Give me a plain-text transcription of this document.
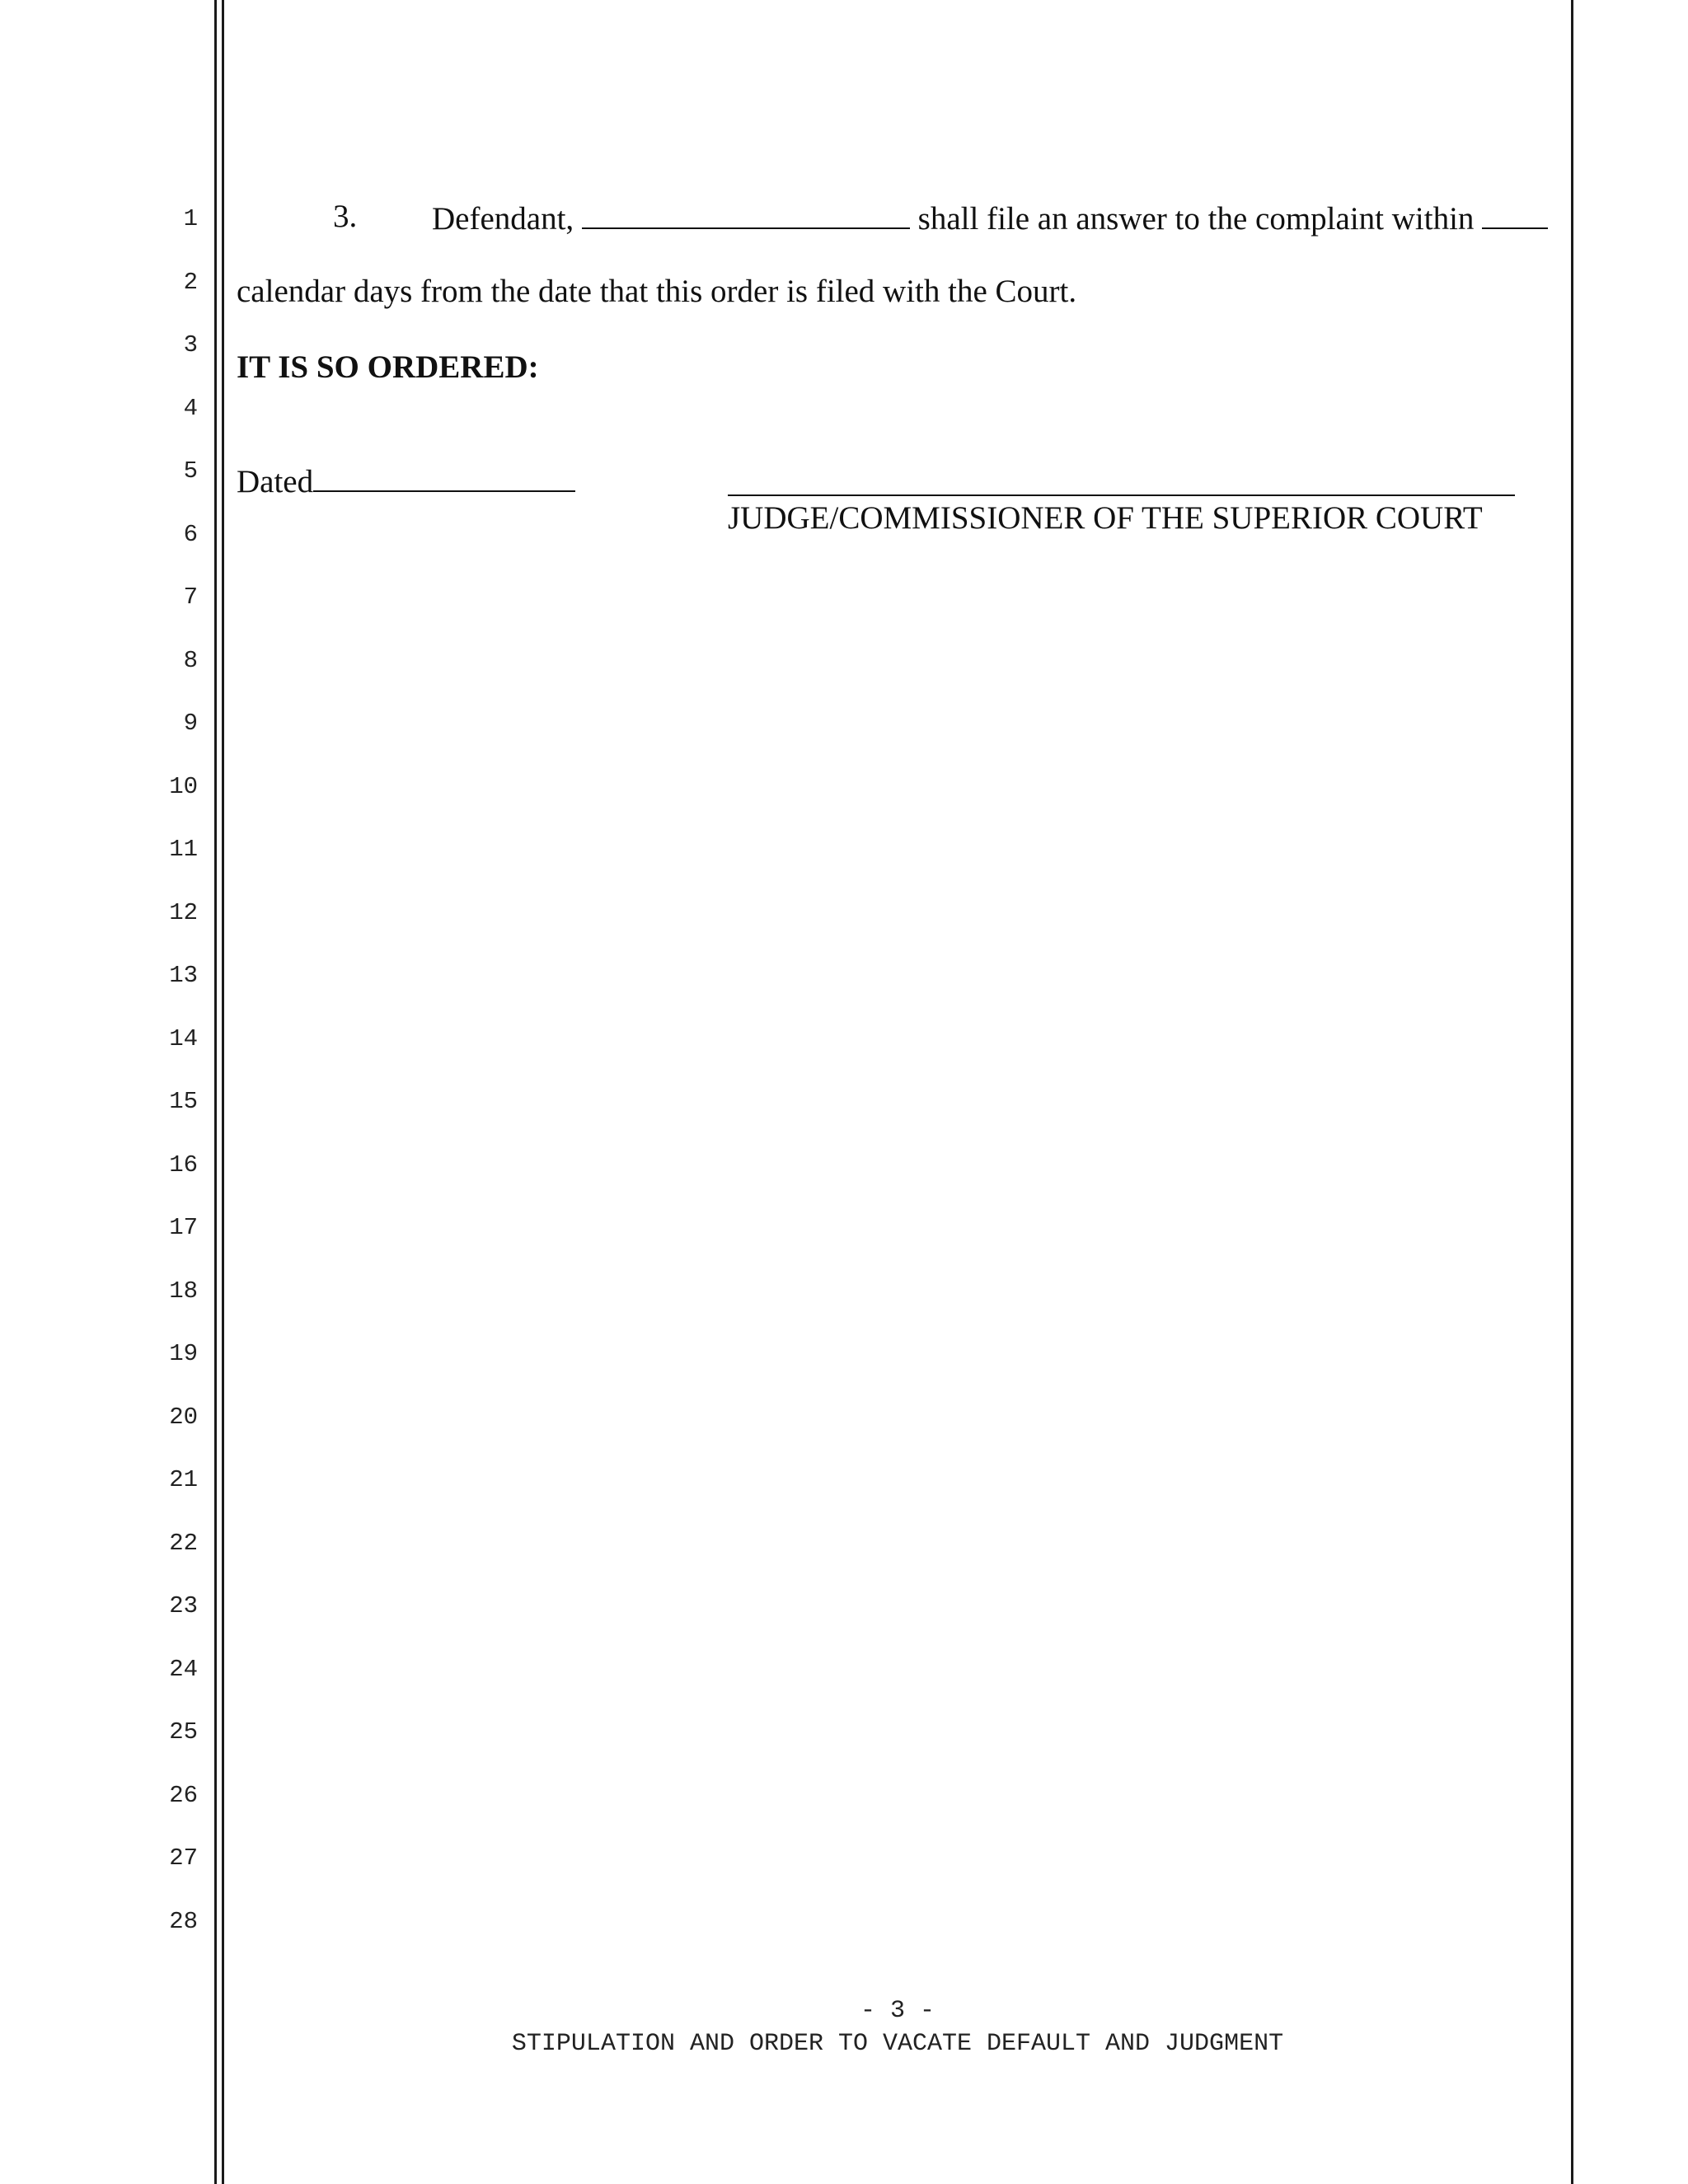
1
2
3
4
5
6
7
8
9
10
11
12
13
14
15
16
17
18
19
20
21
22
23
24
25
26
27
28
3. Defendant,	shall file an answer to the complaint within
calendar days from the date that this order is filed with the Court.
IT IS SO ORDERED:
Dated
JUDGE/COMMISSIONER OF THE SUPERIOR COURT
- 3 -
STIPULATION AND ORDER TO VACATE DEFAULT AND JUDGMENT
